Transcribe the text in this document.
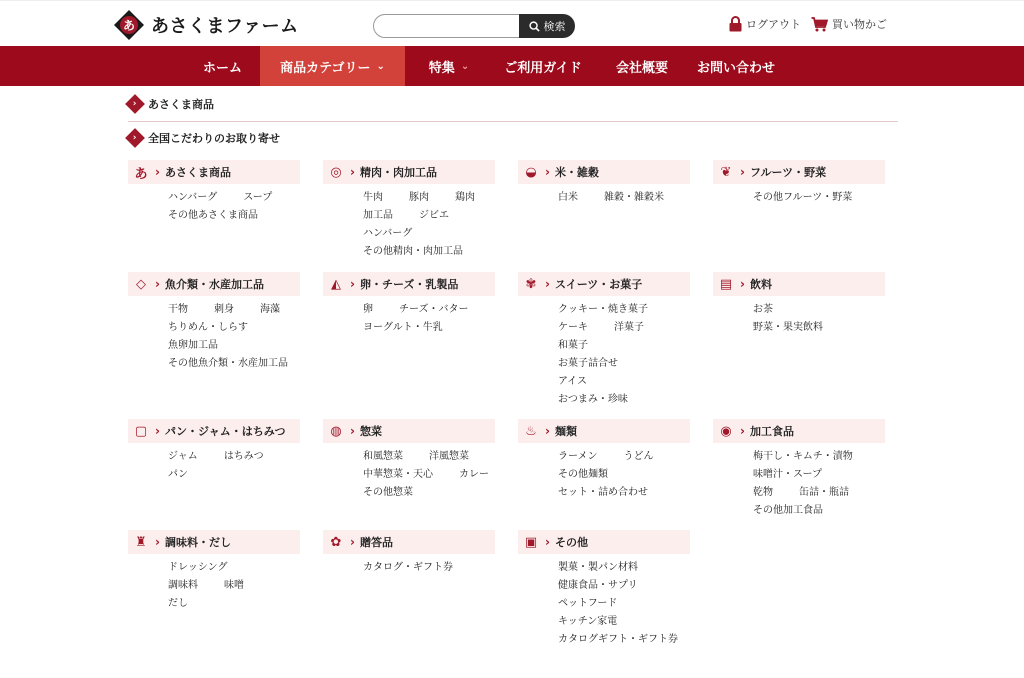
あ あさくまファーム	検索	ログアウト	買い物かご
ホーム	商品カテゴリー ⌄	特集 ⌄	ご利用ガイド	会社概要 お問い合わせ
› あさくま商品
› 全国こだわりのお取り寄せ
あ › あさくま商品
ハンバーグ	スープ
その他あさくま商品
◎ › 精肉・肉加工品
牛肉	豚肉	鶏肉
加工品	ジビエ
ハンバーグ
その他精肉・肉加工品
◒ › 米・雑穀
白米	雑穀・雑穀米
❦ › フルーツ・野菜
その他フルーツ・野菜
◇ › 魚介類・水産加工品
干物	刺身	海藻
ちりめん・しらす
魚卵加工品
その他魚介類・水産加工品
◭ › 卵・チーズ・乳製品
卵	チーズ・バター
ヨーグルト・牛乳
✾ › スイーツ・お菓子
クッキー・焼き菓子
ケーキ	洋菓子
和菓子
お菓子詰合せ
アイス
おつまみ・珍味
▤ › 飲料
お茶
野菜・果実飲料
▢ › パン・ジャム・はちみつ
ジャム	はちみつ
パン
◍ › 惣菜
和風惣菜	洋風惣菜
中華惣菜・天心	カレー
その他惣菜
♨ › 麺類
ラーメン	うどん
その他麺類
セット・詰め合わせ
◉ › 加工食品
梅干し・キムチ・漬物
味噌汁・スープ
乾物	缶詰・瓶詰
その他加工食品
♜ › 調味料・だし
ドレッシング
調味料	味噌
だし
✿ › 贈答品
カタログ・ギフト券
▣ › その他
製菓・製パン材料
健康食品・サプリ
ペットフード
キッチン家電
カタログギフト・ギフト券
